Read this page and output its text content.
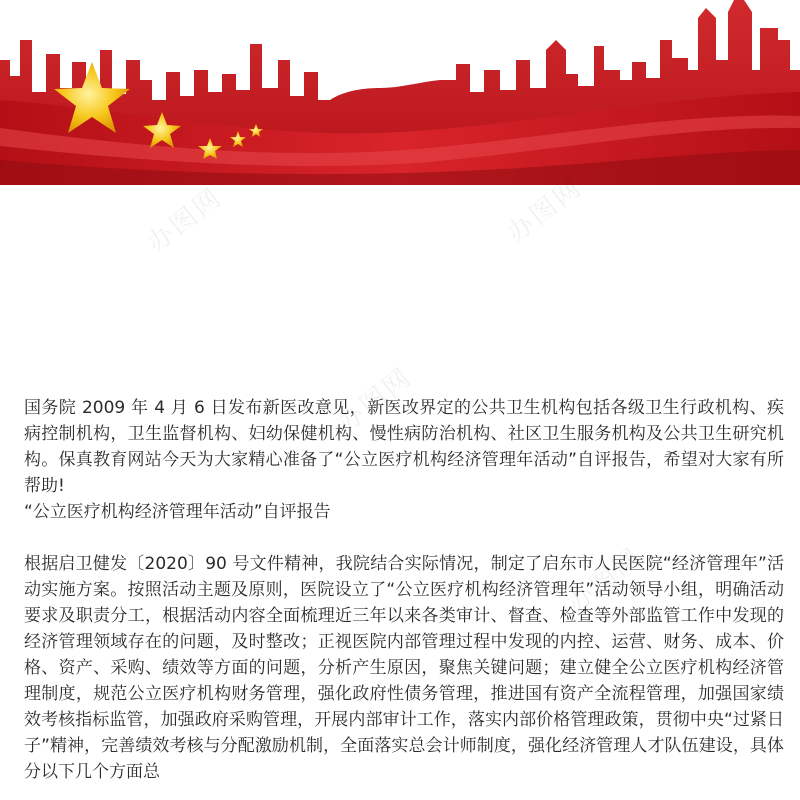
办图网	办图网
办图网
办图网

国务院 2009 年 4 月 6 日发布新医改意见，新医改界定的公共卫生机构包括各级卫生行政机构、疾病控制机构，卫生监督机构、妇幼保健机构、慢性病防治机构、社区卫生服务机构及公共卫生研究机构。保真教育网站今天为大家精心准备了“公立医疗机构经济管理年活动”自评报告，希望对大家有所帮助!

“公立医疗机构经济管理年活动”自评报告

根据启卫健发〔2020〕90 号文件精神，我院结合实际情况，制定了启东市人民医院“经济管理年”活动实施方案。按照活动主题及原则，医院设立了“公立医疗机构经济管理年”活动领导小组，明确活动要求及职责分工，根据活动内容全面梳理近三年以来各类审计、督查、检查等外部监管工作中发现的经济管理领域存在的问题，及时整改；正视医院内部管理过程中发现的内控、运营、财务、成本、价格、资产、采购、绩效等方面的问题，分析产生原因，聚焦关键问题；建立健全公立医疗机构经济管理制度，规范公立医疗机构财务管理，强化政府性债务管理，推进国有资产全流程管理，加强国家绩效考核指标监管，加强政府采购管理，开展内部审计工作，落实内部价格管理政策，贯彻中央“过紧日子”精神，完善绩效考核与分配激励机制，全面落实总会计师制度，强化经济管理人才队伍建设，具体分以下几个方面总
